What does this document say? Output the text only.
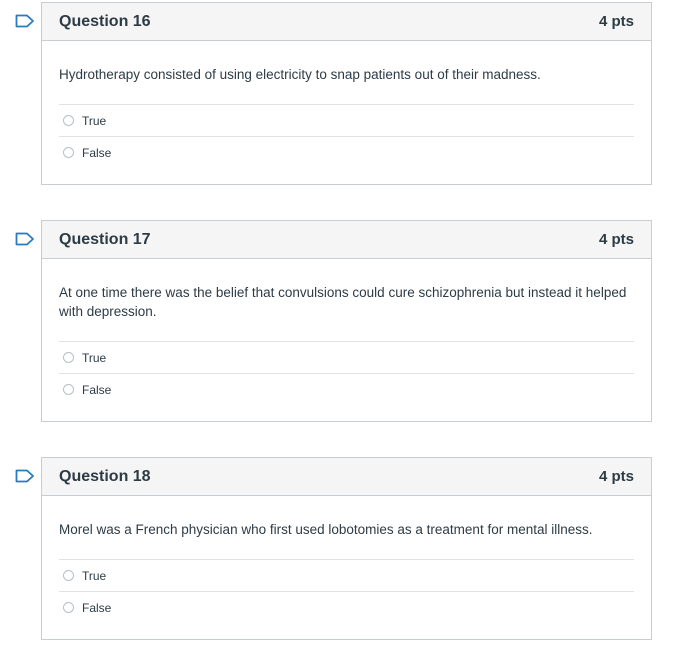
Question 16	4 pts
Hydrotherapy consisted of using electricity to snap patients out of their madness.
True
False
Question 17	4 pts
At one time there was the belief that convulsions could cure schizophrenia but instead it helped with depression.
True
False
Question 18	4 pts
Morel was a French physician who first used lobotomies as a treatment for mental illness.
True
False
